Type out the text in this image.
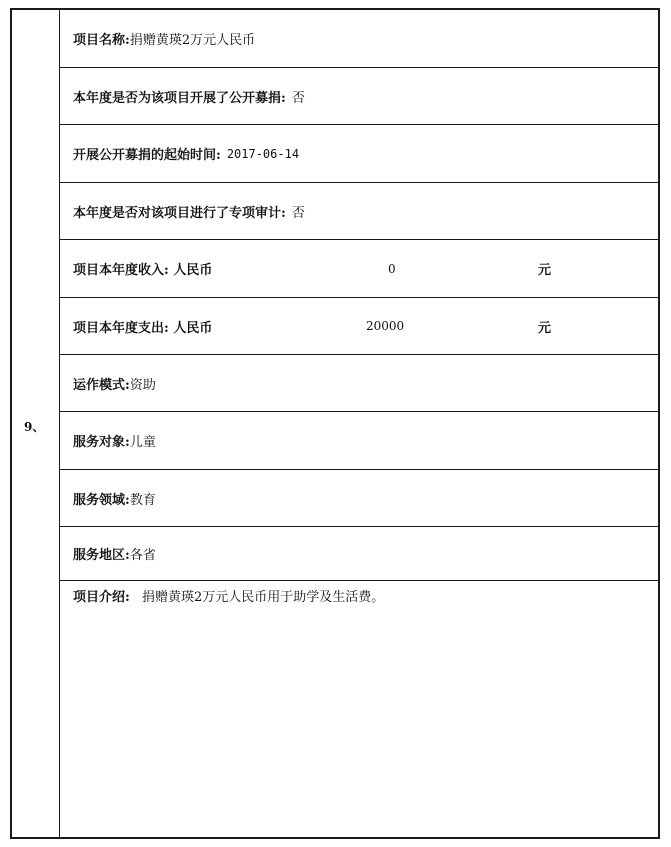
9、
项目名称: 捐赠黄瑛2万元人民币
本年度是否为该项目开展了公开募捐: 否
开展公开募捐的起始时间: 2017-06-14
本年度是否对该项目进行了专项审计: 否
项目本年度收入: 人民币	0	元
项目本年度支出: 人民币	20000	元
运作模式: 资助
服务对象: 儿童
服务领域: 教育
服务地区: 各省
项目介绍: 捐赠黄瑛2万元人民币用于助学及生活费。
